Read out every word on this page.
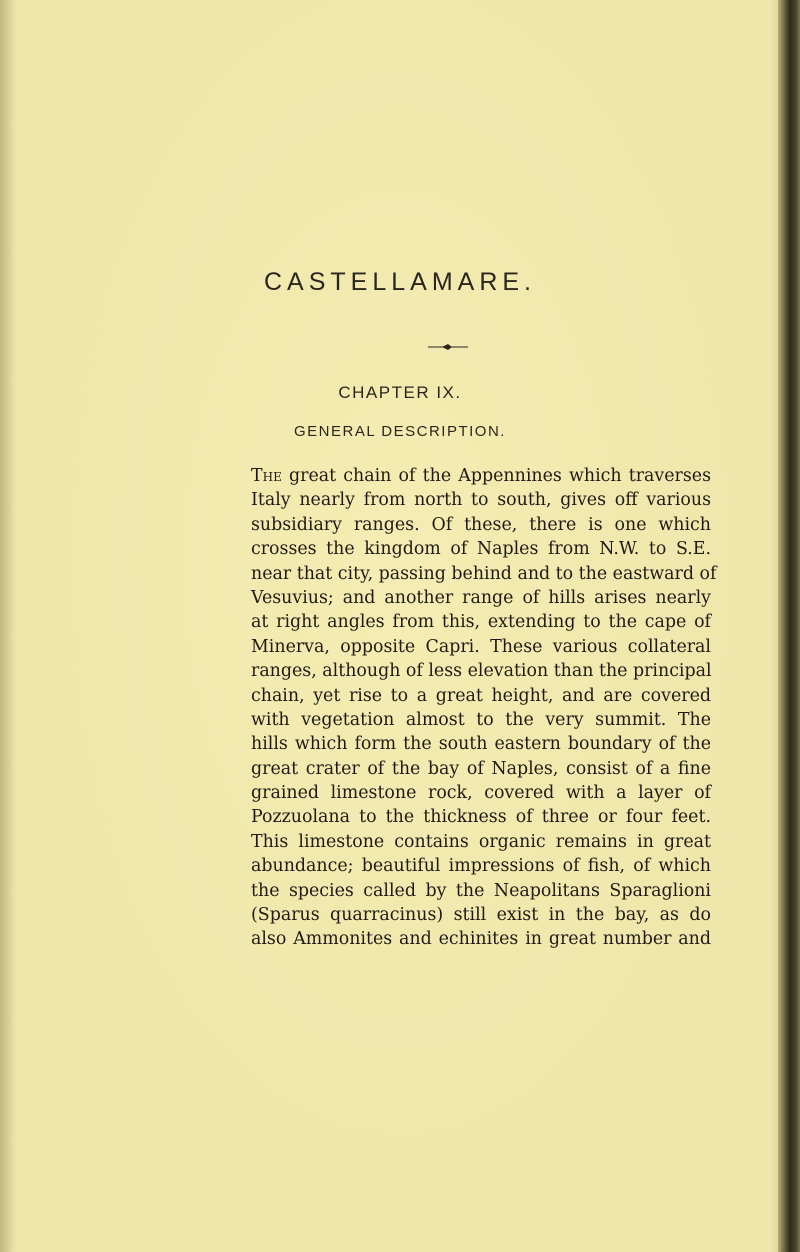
CASTELLAMARE.
CHAPTER IX.
GENERAL DESCRIPTION.
The great chain of the Appennines which traverses
Italy nearly from north to south, gives off various
subsidiary ranges. Of these, there is one which
crosses the kingdom of Naples from N.W. to S.E.
near that city, passing behind and to the eastward of
Vesuvius; and another range of hills arises nearly
at right angles from this, extending to the cape of
Minerva, opposite Capri. These various collateral
ranges, although of less elevation than the principal
chain, yet rise to a great height, and are covered
with vegetation almost to the very summit. The
hills which form the south eastern boundary of the
great crater of the bay of Naples, consist of a fine
grained limestone rock, covered with a layer of
Pozzuolana to the thickness of three or four feet.
This limestone contains organic remains in great
abundance; beautiful impressions of fish, of which
the species called by the Neapolitans Sparaglioni
(Sparus quarracinus) still exist in the bay, as do
also Ammonites and echinites in great number and
